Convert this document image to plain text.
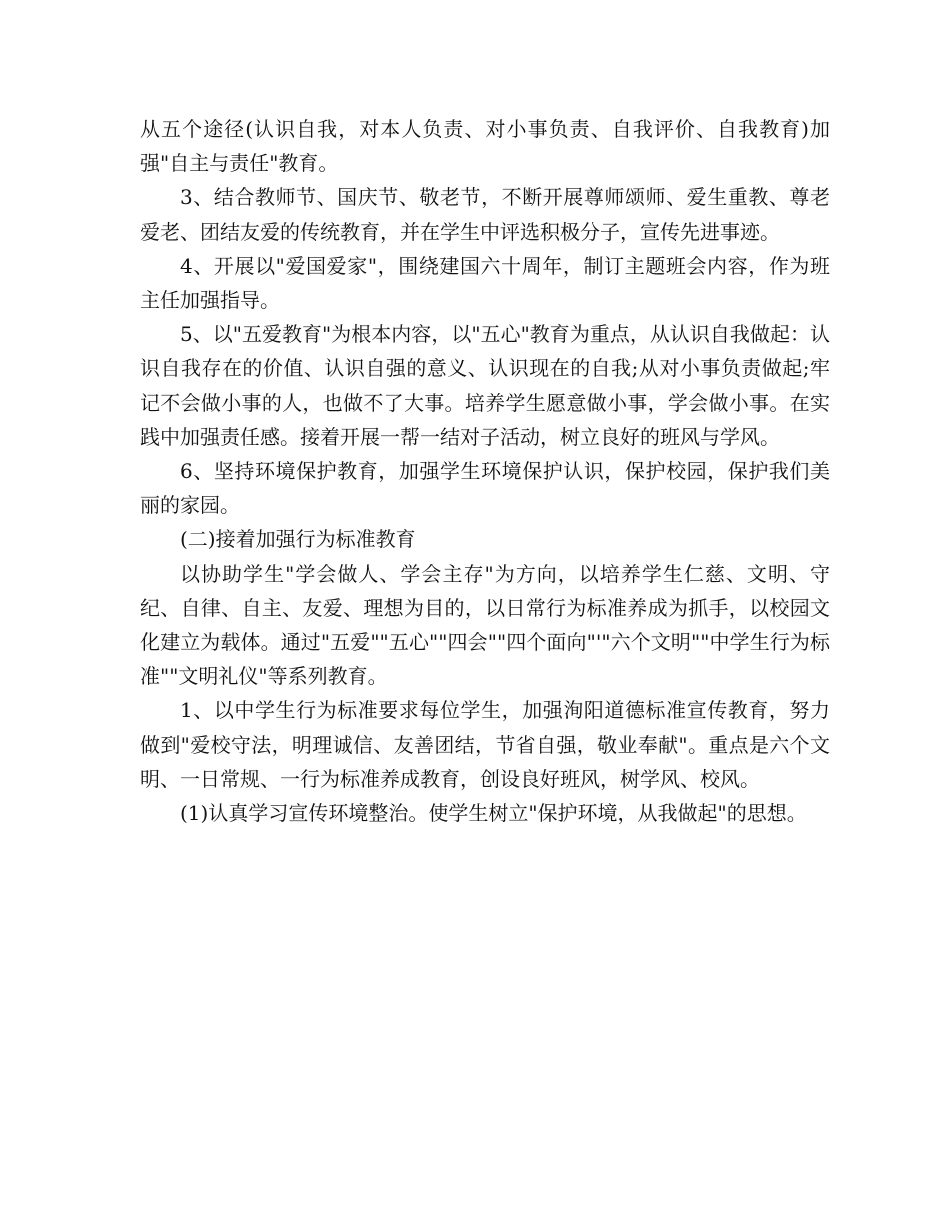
从五个途径(认识自我，对本人负责、对小事负责、自我评价、自我教育)加强"自主与责任"教育。

3、结合教师节、国庆节、敬老节，不断开展尊师颂师、爱生重教、尊老爱老、团结友爱的传统教育，并在学生中评选积极分子，宣传先进事迹。

4、开展以"爱国爱家"，围绕建国六十周年，制订主题班会内容，作为班主任加强指导。

5、以"五爱教育"为根本内容，以"五心"教育为重点，从认识自我做起：认识自我存在的价值、认识自强的意义、认识现在的自我;从对小事负责做起;牢记不会做小事的人，也做不了大事。培养学生愿意做小事，学会做小事。在实践中加强责任感。接着开展一帮一结对子活动，树立良好的班风与学风。

6、坚持环境保护教育，加强学生环境保护认识，保护校园，保护我们美丽的家园。

(二)接着加强行为标准教育

以协助学生"学会做人、学会主存"为方向，以培养学生仁慈、文明、守纪、自律、自主、友爱、理想为目的，以日常行为标准养成为抓手，以校园文化建立为载体。通过"五爱""五心""四会""四个面向"'"六个文明""中学生行为标准""文明礼仪"等系列教育。

1、以中学生行为标准要求每位学生，加强洵阳道德标准宣传教育，努力做到"爱校守法，明理诚信、友善团结，节省自强，敬业奉献"。重点是六个文明、一日常规、一行为标准养成教育，创设良好班风，树学风、校风。

(1)认真学习宣传环境整治。使学生树立"保护环境，从我做起"的思想。
